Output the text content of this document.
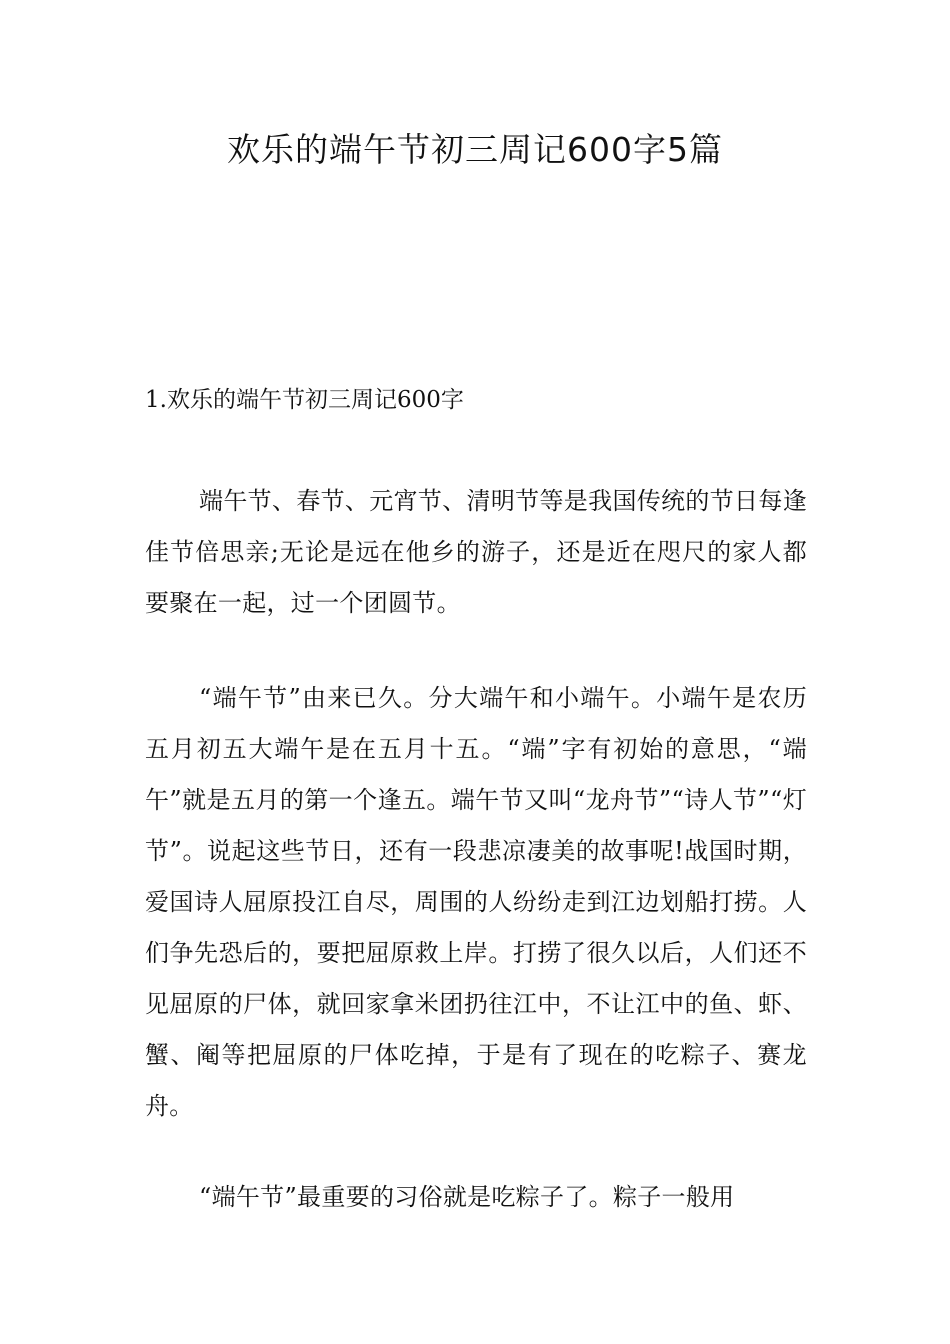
欢乐的端午节初三周记600字5篇
1.欢乐的端午节初三周记600字

端午节、春节、元宵节、清明节等是我国传统的节日每逢佳节倍思亲;无论是远在他乡的游子，还是近在咫尺的家人都要聚在一起，过一个团圆节。

“端午节”由来已久。分大端午和小端午。小端午是农历五月初五大端午是在五月十五。“端”字有初始的意思，“端午”就是五月的第一个逢五。端午节又叫“龙舟节”“诗人节”“灯节”。说起这些节日，还有一段悲凉凄美的故事呢!战国时期，爱国诗人屈原投江自尽，周围的人纷纷走到江边划船打捞。人们争先恐后的，要把屈原救上岸。打捞了很久以后，人们还不见屈原的尸体，就回家拿米团扔往江中，不让江中的鱼、虾、蟹、阉等把屈原的尸体吃掉，于是有了现在的吃粽子、赛龙舟。

“端午节”最重要的习俗就是吃粽子了。粽子一般用
